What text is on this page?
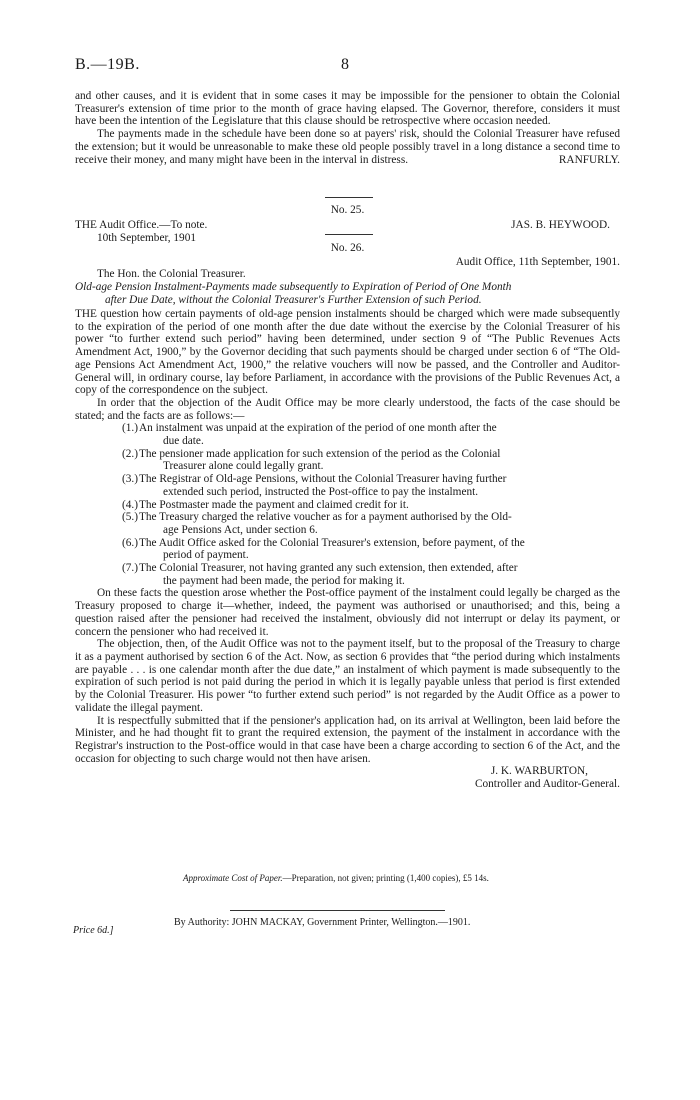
B.—19B.	8

and other causes, and it is evident that in some cases it may be impossible for the pensioner to obtain the Colonial Treasurer's extension of time prior to the month of grace having elapsed. The Governor, therefore, considers it must have been the intention of the Legislature that this clause should be retrospective where occasion needed.

The payments made in the schedule have been done so at payers' risk, should the Colonial Treasurer have refused the extension; but it would be unreasonable to make these old people possibly travel in a long distance a second time to receive their money, and many might have been in the interval in distress.	RANFURLY.

No. 25.

THE Audit Office.—To note.	JAS. B. HEYWOOD.

10th September, 1901

No. 26.

Audit Office, 11th September, 1901.

The Hon. the Colonial Treasurer.

Old-age Pension Instalment-Payments made subsequently to Expiration of Period of One Month

after Due Date, without the Colonial Treasurer's Further Extension of such Period.

THE question how certain payments of old-age pension instalments should be charged which were made subsequently to the expiration of the period of one month after the due date without the exercise by the Colonial Treasurer of his power “to further extend such period” having been determined, under section 9 of “The Public Revenues Acts Amendment Act, 1900,” by the Governor deciding that such payments should be charged under section 6 of “The Old-age Pensions Act Amendment Act, 1900,” the relative vouchers will now be passed, and the Controller and Auditor-General will, in ordinary course, lay before Parliament, in accordance with the provisions of the Public Revenues Act, a copy of the correspondence on the subject.

In order that the objection of the Audit Office may be more clearly understood, the facts of the case should be stated; and the facts are as follows:—

(1.) An instalment was unpaid at the expiration of the period of one month after the
due date.

(2.) The pensioner made application for such extension of the period as the Colonial
Treasurer alone could legally grant.

(3.) The Registrar of Old-age Pensions, without the Colonial Treasurer having further
extended such period, instructed the Post-office to pay the instalment.

(4.) The Postmaster made the payment and claimed credit for it.

(5.) The Treasury charged the relative voucher as for a payment authorised by the Old-
age Pensions Act, under section 6.

(6.) The Audit Office asked for the Colonial Treasurer's extension, before payment, of the
period of payment.

(7.) The Colonial Treasurer, not having granted any such extension, then extended, after
the payment had been made, the period for making it.

On these facts the question arose whether the Post-office payment of the instalment could legally be charged as the Treasury proposed to charge it—whether, indeed, the payment was authorised or unauthorised; and this, being a question raised after the pensioner had received the instalment, obviously did not interrupt or delay its payment, or concern the pensioner who had received it.

The objection, then, of the Audit Office was not to the payment itself, but to the proposal of the Treasury to charge it as a payment authorised by section 6 of the Act. Now, as section 6 provides that “the period during which instalments are payable . . . is one calendar month after the due date,” an instalment of which payment is made subsequently to the expiration of such period is not paid during the period in which it is legally payable unless that period is first extended by the Colonial Treasurer. His power “to further extend such period” is not regarded by the Audit Office as a power to validate the illegal payment.

It is respectfully submitted that if the pensioner's application had, on its arrival at Wellington, been laid before the Minister, and he had thought fit to grant the required extension, the payment of the instalment in accordance with the Registrar's instruction to the Post-office would in that case have been a charge according to section 6 of the Act, and the occasion for objecting to such charge would not then have arisen.

J. K. WARBURTON,

Controller and Auditor-General.

Approximate Cost of Paper.—Preparation, not given; printing (1,400 copies), £5 14s.

By Authority: JOHN MACKAY, Government Printer, Wellington.—1901.

Price 6d.]
